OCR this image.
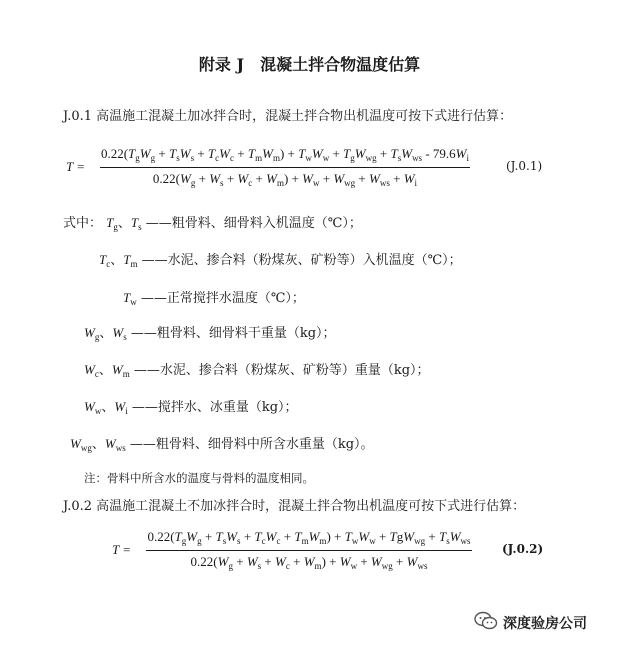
附录 J　混凝土拌合物温度估算
J.0.1 高温施工混凝土加冰拌合时，混凝土拌合物出机温度可按下式进行估算：
T =
$0.22(T_gW_g + T_sW_s + T_cW_c + T_mW_m) + T_wW_w + T_gW_{wg} + T_sW_{ws} - 79.6W_i$
$0.22(W_g + W_s + W_c + W_m) + W_w + W_{wg} + W_{ws} + W_i$
(J.0.1)
式中： $T_g$、$T_s$ ——粗骨料、细骨料入机温度（℃）；
$T_c$、$T_m$ ——水泥、掺合料（粉煤灰、矿粉等）入机温度（℃）；
$T_w$ ——正常搅拌水温度（℃）；
$W_g$、$W_s$ ——粗骨料、细骨料干重量（kg）；
$W_c$、$W_m$ ——水泥、掺合料（粉煤灰、矿粉等）重量（kg）；
$W_w$、$W_i$ ——搅拌水、冰重量（kg）；
$W_{wg}$、$W_{ws}$ ——粗骨料、细骨料中所含水重量（kg）。
注：骨料中所含水的温度与骨料的温度相同。
J.0.2 高温施工混凝土不加冰拌合时，混凝土拌合物出机温度可按下式进行估算：
T =
$0.22(T_gW_g + T_sW_s + T_cW_c + T_mW_m) + T_wW_w + TgW_{wg} + T_sW_{ws}$
$0.22(W_g + W_s + W_c + W_m) + W_w + W_{wg} + W_{ws}$
(J.0.2)
深度验房公司
